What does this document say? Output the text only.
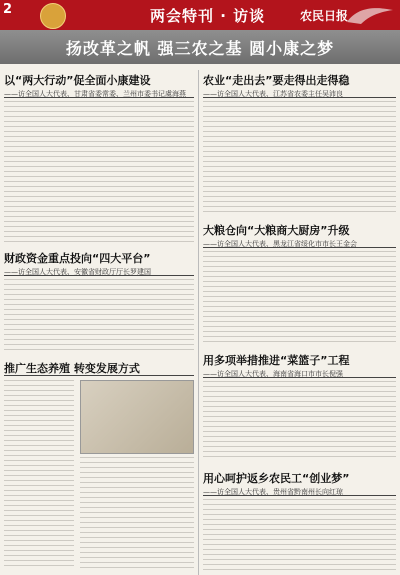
2	两会特刊 · 访谈	农民日报
扬改革之帆 强三农之基 圆小康之梦
以“两大行动”促全面小康建设
——访全国人大代表、甘肃省委常委、兰州市委书记虞海燕
农业“走出去”要走得出走得稳
——访全国人大代表、江苏省农委主任吴沛良
财政资金重点投向“四大平台”
——访全国人大代表、安徽省财政厅厅长罗建国
大粮仓向“大粮商大厨房”升级
——访全国人大代表、黑龙江省绥化市市长王金会
推广生态养殖 转变发展方式
用多项举措推进“菜篮子”工程
——访全国人大代表、海南省海口市市长倪强
用心呵护返乡农民工“创业梦”
——访全国人大代表、贵州省黔南州长向红琼
